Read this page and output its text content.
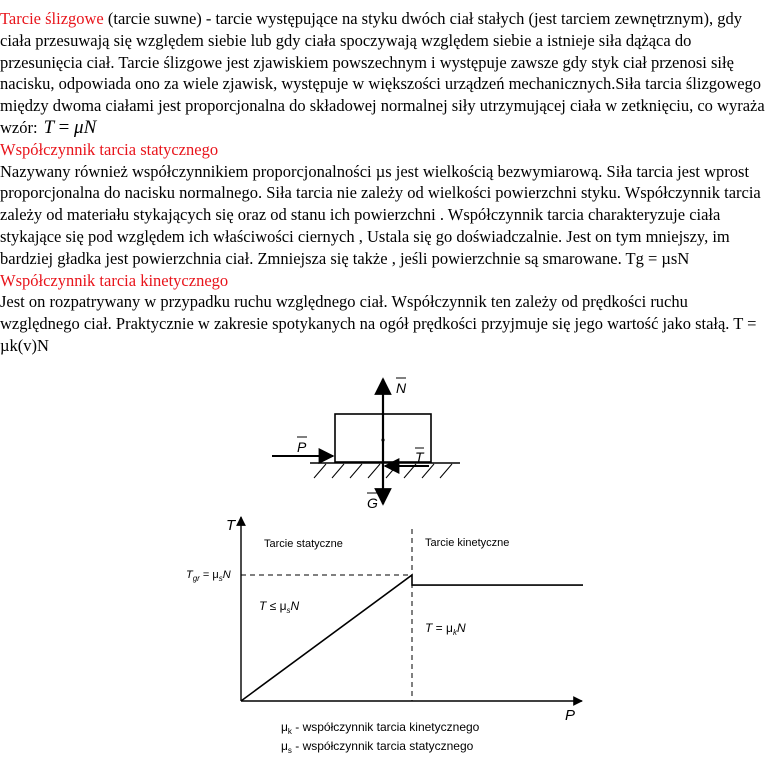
Tarcie ślizgowe (tarcie suwne) - tarcie występujące na styku dwóch ciał stałych (jest tarciem zewnętrznym), gdy ciała przesuwają się względem siebie lub gdy ciała spoczywają względem siebie a istnieje siła dążąca do przesunięcia ciał. Tarcie ślizgowe jest zjawiskiem powszechnym i występuje zawsze gdy styk ciał przenosi siłę nacisku, odpowiada ono za wiele zjawisk, występuje w większości urządzeń mechanicznych.Siła tarcia ślizgowego między dwoma ciałami jest proporcjonalna do składowej normalnej siły utrzymującej ciała w zetknięciu, co wyraża wzór: T = μN

Współczynnik tarcia statycznego

Nazywany również współczynnikiem proporcjonalności µs jest wielkością bezwymiarową. Siła tarcia jest wprost proporcjonalna do nacisku normalnego. Siła tarcia nie zależy od wielkości powierzchni styku. Współczynnik tarcia zależy od materiału stykających się oraz od stanu ich powierzchni . Współczynnik tarcia charakteryzuje ciała stykające się pod względem ich właściwości ciernych , Ustala się go doświadczalnie. Jest on tym mniejszy, im bardziej gładka jest powierzchnia ciał. Zmniejsza się także , jeśli powierzchnie są smarowane. Tg = µsN

Współczynnik tarcia kinetycznego

Jest on rozpatrywany w przypadku ruchu względnego ciał. Współczynnik ten zależy od prędkości ruchu względnego ciał. Praktycznie w zakresie spotykanych na ogół prędkości przyjmuje się jego wartość jako stałą. T = µk(v)N

N
P
T
G
T
P
Tarcie statyczne	Tarcie kinetyczne
$T_{gr} = \mu_sN$
$T \le \mu_sN$
$T = \mu_kN$
$\mu_k$ - współczynnik tarcia kinetycznego
$\mu_s$ - współczynnik tarcia statycznego
